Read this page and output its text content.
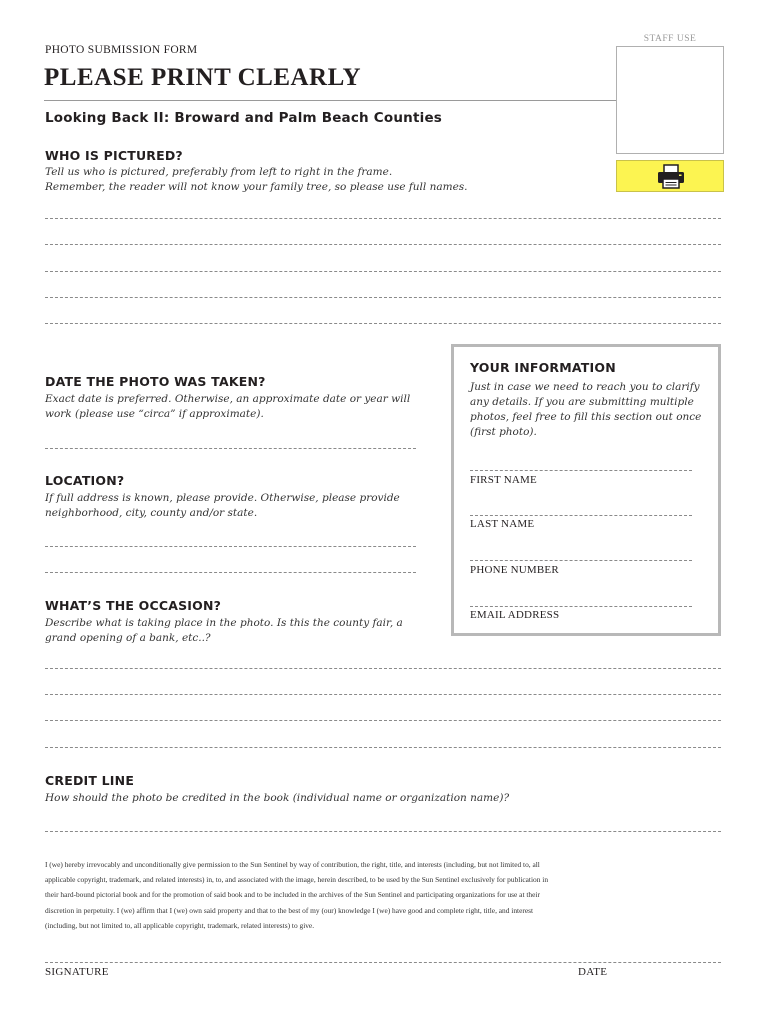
PHOTO SUBMISSION FORM
PLEASE PRINT CLEARLY
Looking Back II: Broward and Palm Beach Counties
STAFF USE
WHO IS PICTURED?
Tell us who is pictured, preferably from left to right in the frame.
Remember, the reader will not know your family tree, so please use full names.
DATE THE PHOTO WAS TAKEN?
Exact date is preferred. Otherwise, an approximate date or year will
work (please use “circa” if approximate).
LOCATION?
If full address is known, please provide. Otherwise, please provide
neighborhood, city, county and/or state.
WHAT’S THE OCCASION?
Describe what is taking place in the photo. Is this the county fair, a
grand opening of a bank, etc..?
YOUR INFORMATION
Just in case we need to reach you to clarify any details. If you are submitting multiple photos, feel free to fill this section out once (first photo).
FIRST NAME
LAST NAME
PHONE NUMBER
EMAIL ADDRESS
CREDIT LINE
How should the photo be credited in the book (individual name or organization name)?
I (we) hereby irrevocably and unconditionally give permission to the Sun Sentinel by way of contribution, the right, title, and interests (including, but not limited to, all
applicable copyright, trademark, and related interests) in, to, and associated with the image, herein described, to be used by the Sun Sentinel exclusively for publication in
their hard-bound pictorial book and for the promotion of said book and to be included in the archives of the Sun Sentinel and participating organizations for use at their
discretion in perpetuity. I (we) affirm that I (we) own said property and that to the best of my (our) knowledge I (we) have good and complete right, title, and interest
(including, but not limited to, all applicable copyright, trademark, related interests) to give.
SIGNATURE	DATE
